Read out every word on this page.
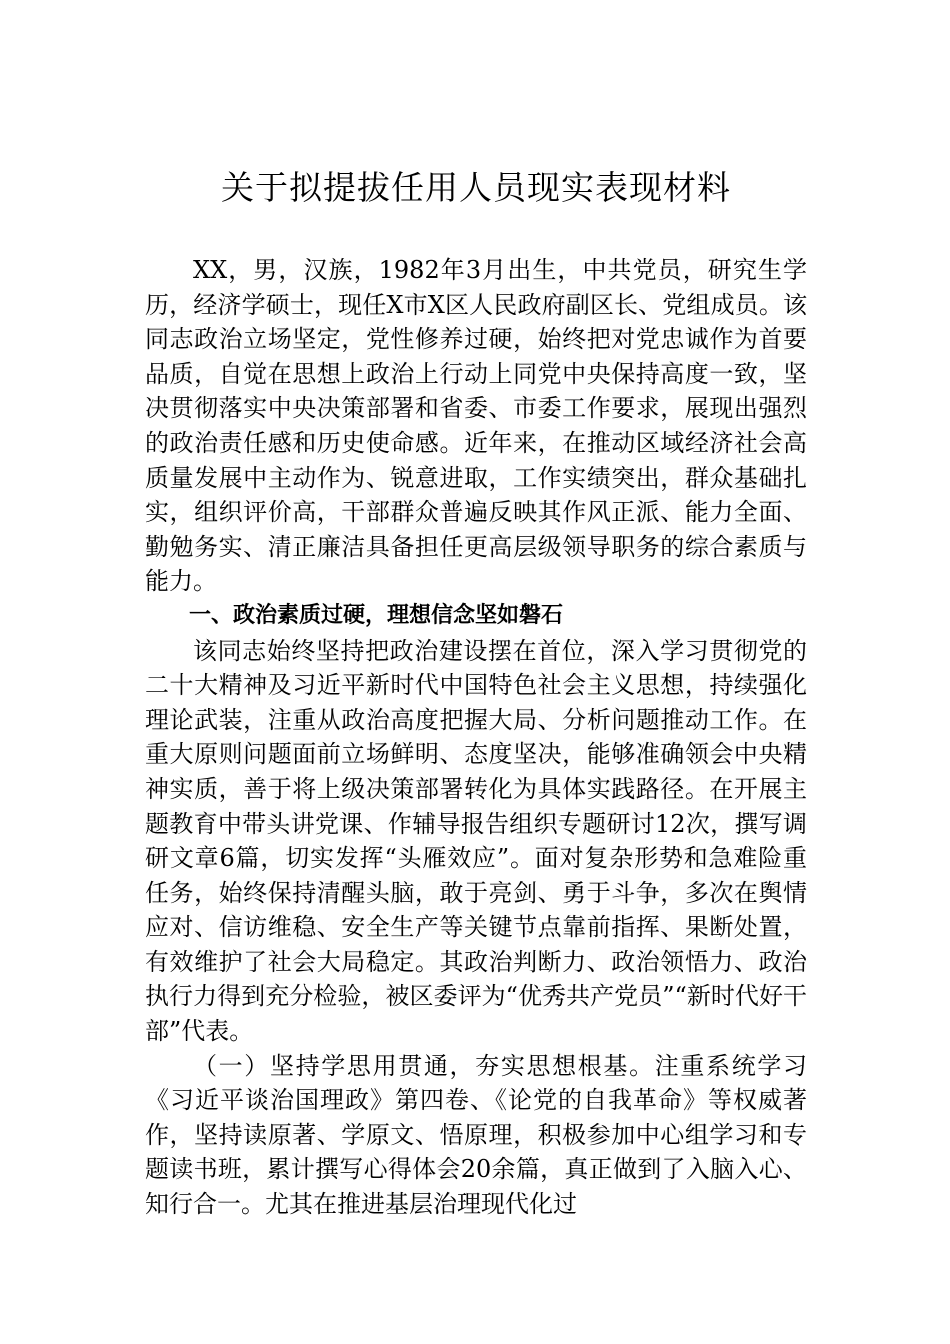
关于拟提拔任用人员现实表现材料

XX，男，汉族，1982年3月出生，中共党员，研究生学历，经济学硕士，现任X市X区人民政府副区长、党组成员。该同志政治立场坚定，党性修养过硬，始终把对党忠诚作为首要品质，自觉在思想上政治上行动上同党中央保持高度一致，坚决贯彻落实中央决策部署和省委、市委工作要求，展现出强烈的政治责任感和历史使命感。近年来，在推动区域经济社会高质量发展中主动作为、锐意进取，工作实绩突出，群众基础扎实，组织评价高，干部群众普遍反映其作风正派、能力全面、勤勉务实、清正廉洁具备担任更高层级领导职务的综合素质与能力。

一、政治素质过硬，理想信念坚如磐石

该同志始终坚持把政治建设摆在首位，深入学习贯彻党的二十大精神及习近平新时代中国特色社会主义思想，持续强化理论武装，注重从政治高度把握大局、分析问题推动工作。在重大原则问题面前立场鲜明、态度坚决，能够准确领会中央精神实质，善于将上级决策部署转化为具体实践路径。在开展主题教育中带头讲党课、作辅导报告组织专题研讨12次，撰写调研文章6篇，切实发挥“头雁效应”。面对复杂形势和急难险重任务，始终保持清醒头脑，敢于亮剑、勇于斗争，多次在舆情应对、信访维稳、安全生产等关键节点靠前指挥、果断处置，有效维护了社会大局稳定。其政治判断力、政治领悟力、政治执行力得到充分检验，被区委评为“优秀共产党员”“新时代好干部”代表。

（一）坚持学思用贯通，夯实思想根基。注重系统学习《习近平谈治国理政》第四卷、《论党的自我革命》等权威著作，坚持读原著、学原文、悟原理，积极参加中心组学习和专题读书班，累计撰写心得体会20余篇，真正做到了入脑入心、知行合一。尤其在推进基层治理现代化过
